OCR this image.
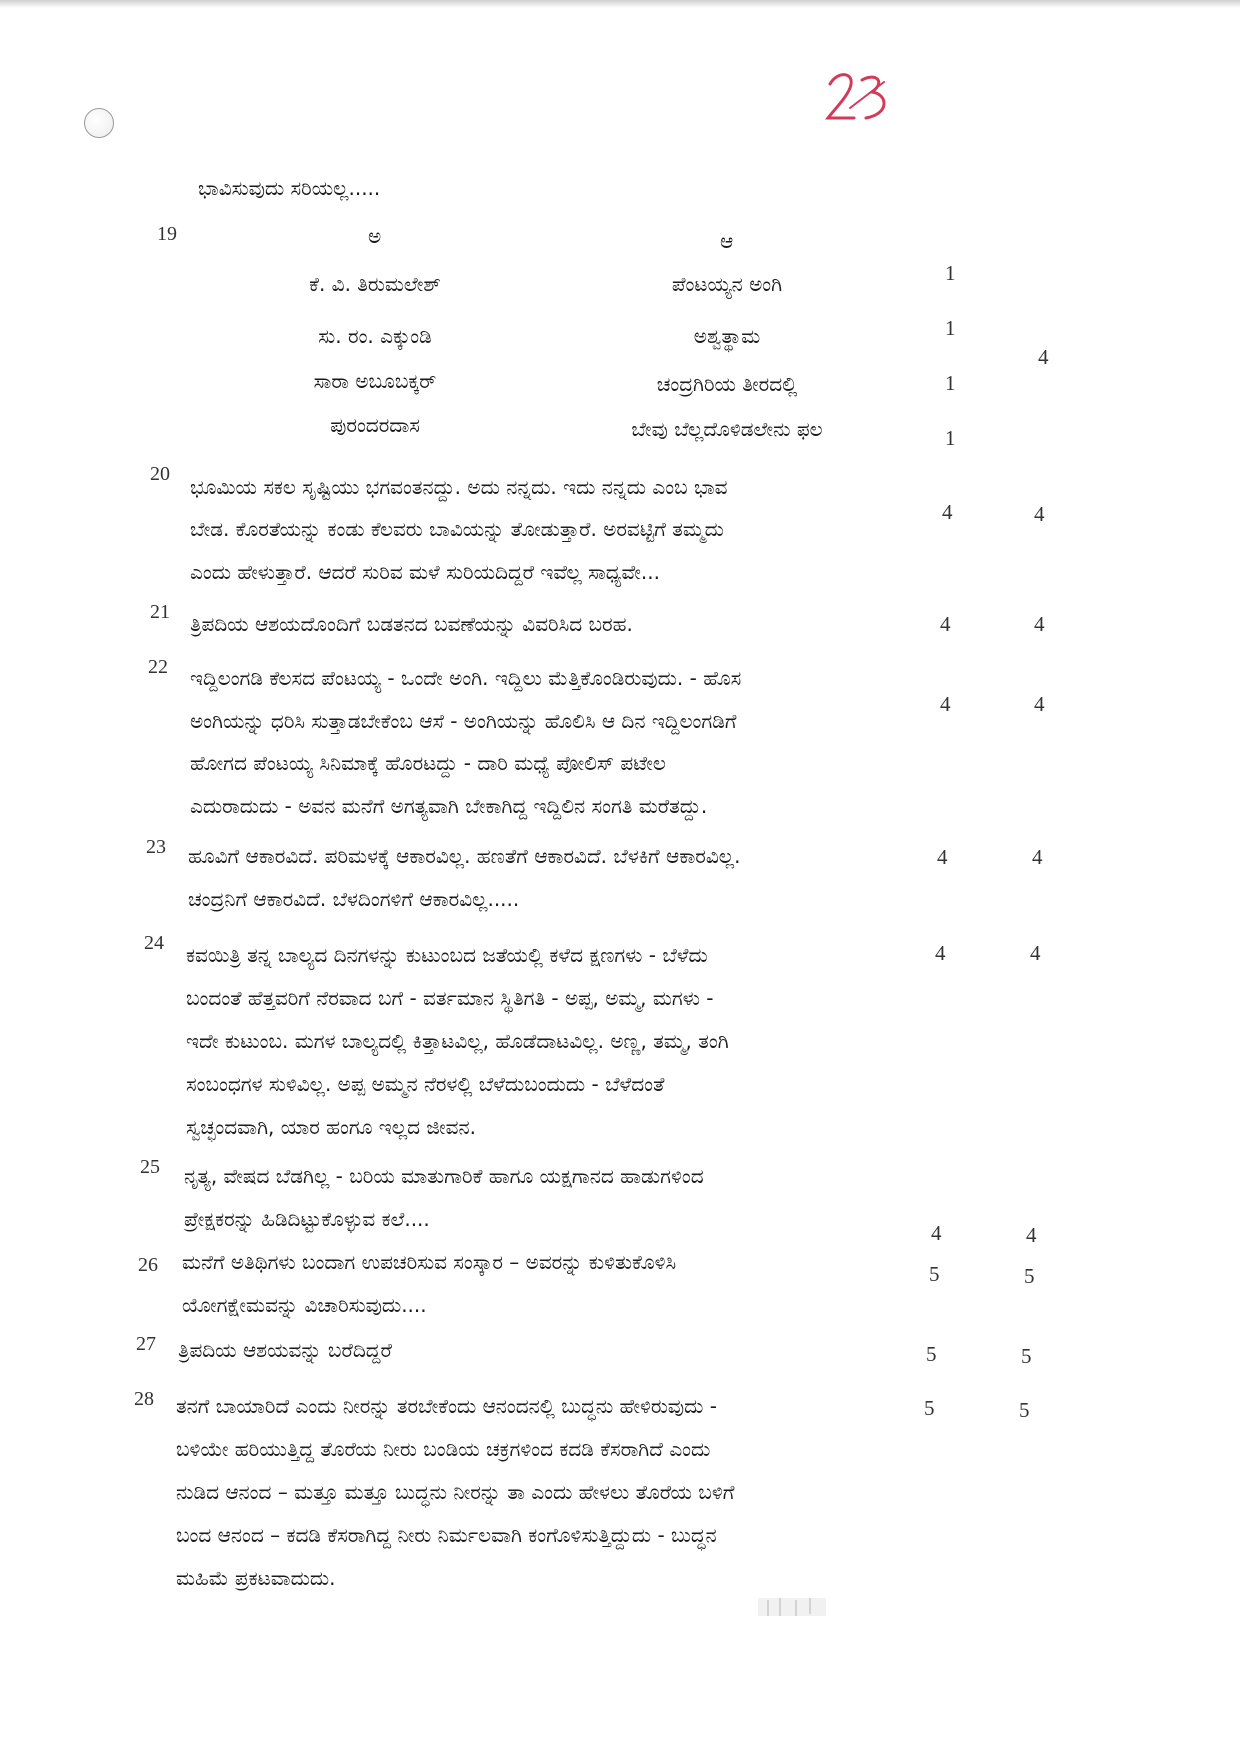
ಭಾವಿಸುವುದು ಸರಿಯಲ್ಲ.....
19	ಅ	ಆ
ಕೆ. ವಿ. ತಿರುಮಲೇಶ್	ಪೆಂಟಯ್ಯನ ಅಂಗಿ	1
ಸು. ರಂ. ಎಕ್ಕುಂಡಿ	ಅಶ್ವತ್ಥಾಮ	1
ಸಾರಾ ಅಬೂಬಕ್ಕರ್	ಚಂದ್ರಗಿರಿಯ ತೀರದಲ್ಲಿ	1
ಪುರಂದರದಾಸ	ಬೇವು ಬೆಲ್ಲದೊಳಿಡಲೇನು ಫಲ	1
4
20
ಭೂಮಿಯ ಸಕಲ ಸೃಷ್ಟಿಯು ಭಗವಂತನದ್ದು. ಅದು ನನ್ನದು. ಇದು ನನ್ನದು ಎಂಬ ಭಾವ
ಬೇಡ. ಕೊರತೆಯನ್ನು ಕಂಡು ಕೆಲವರು ಬಾವಿಯನ್ನು ತೋಡುತ್ತಾರೆ. ಅರವಟ್ಟಿಗೆ ತಮ್ಮದು
ಎಂದು ಹೇಳುತ್ತಾರೆ. ಆದರೆ ಸುರಿವ ಮಳೆ ಸುರಿಯದಿದ್ದರೆ ಇವೆಲ್ಲ ಸಾಧ್ಯವೇ...
4	4
21 ತ್ರಿಪದಿಯ ಆಶಯದೊಂದಿಗೆ ಬಡತನದ ಬವಣೆಯನ್ನು ವಿವರಿಸಿದ ಬರಹ.	4	4
22 ಇದ್ದಿಲಂಗಡಿ ಕೆಲಸದ ಪೆಂಟಯ್ಯ - ಒಂದೇ ಅಂಗಿ. ಇದ್ದಿಲು ಮೆತ್ತಿಕೊಂಡಿರುವುದು. - ಹೊಸ
ಅಂಗಿಯನ್ನು ಧರಿಸಿ ಸುತ್ತಾಡಬೇಕೆಂಬ ಆಸೆ - ಅಂಗಿಯನ್ನು ಹೊಲಿಸಿ ಆ ದಿನ ಇದ್ದಿಲಂಗಡಿಗೆ
ಹೋಗದ ಪೆಂಟಯ್ಯ ಸಿನಿಮಾಕ್ಕೆ ಹೊರಟದ್ದು - ದಾರಿ ಮಧ್ಯೆ ಪೋಲಿಸ್ ಪಟೇಲ
ಎದುರಾದುದು - ಅವನ ಮನೆಗೆ ಅಗತ್ಯವಾಗಿ ಬೇಕಾಗಿದ್ದ ಇದ್ದಿಲಿನ ಸಂಗತಿ ಮರೆತದ್ದು.
4	4
23 ಹೂವಿಗೆ ಆಕಾರವಿದೆ. ಪರಿಮಳಕ್ಕೆ ಆಕಾರವಿಲ್ಲ. ಹಣತೆಗೆ ಆಕಾರವಿದೆ. ಬೆಳಕಿಗೆ ಆಕಾರವಿಲ್ಲ.
ಚಂದ್ರನಿಗೆ ಆಕಾರವಿದೆ. ಬೆಳದಿಂಗಳಿಗೆ ಆಕಾರವಿಲ್ಲ.....
4	4
24 ಕವಯಿತ್ರಿ ತನ್ನ ಬಾಲ್ಯದ ದಿನಗಳನ್ನು ಕುಟುಂಬದ ಜತೆಯಲ್ಲಿ ಕಳೆದ ಕ್ಷಣಗಳು - ಬೆಳೆದು
ಬಂದಂತೆ ಹೆತ್ತವರಿಗೆ ನೆರವಾದ ಬಗೆ - ವರ್ತಮಾನ ಸ್ಥಿತಿಗತಿ - ಅಪ್ಪ, ಅಮ್ಮ, ಮಗಳು -
ಇದೇ ಕುಟುಂಬ. ಮಗಳ ಬಾಲ್ಯದಲ್ಲಿ ಕಿತ್ತಾಟವಿಲ್ಲ, ಹೊಡೆದಾಟವಿಲ್ಲ. ಅಣ್ಣ, ತಮ್ಮ, ತಂಗಿ
ಸಂಬಂಧಗಳ ಸುಳಿವಿಲ್ಲ. ಅಪ್ಪ ಅಮ್ಮನ ನೆರಳಲ್ಲಿ ಬೆಳೆದುಬಂದುದು - ಬೆಳೆದಂತೆ
ಸ್ವಚ್ಛಂದವಾಗಿ, ಯಾರ ಹಂಗೂ ಇಲ್ಲದ ಜೀವನ.
4	4
25 ನೃತ್ಯ, ವೇಷದ ಬೆಡಗಿಲ್ಲ - ಬರಿಯ ಮಾತುಗಾರಿಕೆ ಹಾಗೂ ಯಕ್ಷಗಾನದ ಹಾಡುಗಳಿಂದ
ಪ್ರೇಕ್ಷಕರನ್ನು ಹಿಡಿದಿಟ್ಟುಕೊಳ್ಳುವ ಕಲೆ....
4	4
26 ಮನೆಗೆ ಅತಿಥಿಗಳು ಬಂದಾಗ ಉಪಚರಿಸುವ ಸಂಸ್ಕಾರ – ಅವರನ್ನು ಕುಳಿತುಕೊಳಿಸಿ
ಯೋಗಕ್ಷೇಮವನ್ನು ವಿಚಾರಿಸುವುದು....
5	5
27 ತ್ರಿಪದಿಯ ಆಶಯವನ್ನು ಬರೆದಿದ್ದರೆ	5	5
28 ತನಗೆ ಬಾಯಾರಿದೆ ಎಂದು ನೀರನ್ನು ತರಬೇಕೆಂದು ಆನಂದನಲ್ಲಿ ಬುದ್ಧನು ಹೇಳಿರುವುದು -
ಬಳಿಯೇ ಹರಿಯುತ್ತಿದ್ದ ತೊರೆಯ ನೀರು ಬಂಡಿಯ ಚಕ್ರಗಳಿಂದ ಕದಡಿ ಕೆಸರಾಗಿದೆ ಎಂದು
ನುಡಿದ ಆನಂದ – ಮತ್ತೂ ಮತ್ತೂ ಬುದ್ಧನು ನೀರನ್ನು ತಾ ಎಂದು ಹೇಳಲು ತೊರೆಯ ಬಳಿಗೆ
ಬಂದ ಆನಂದ – ಕದಡಿ ಕೆಸರಾಗಿದ್ದ ನೀರು ನಿರ್ಮಲವಾಗಿ ಕಂಗೊಳಿಸುತ್ತಿದ್ದುದು - ಬುದ್ಧನ
ಮಹಿಮೆ ಪ್ರಕಟವಾದುದು.
5	5
